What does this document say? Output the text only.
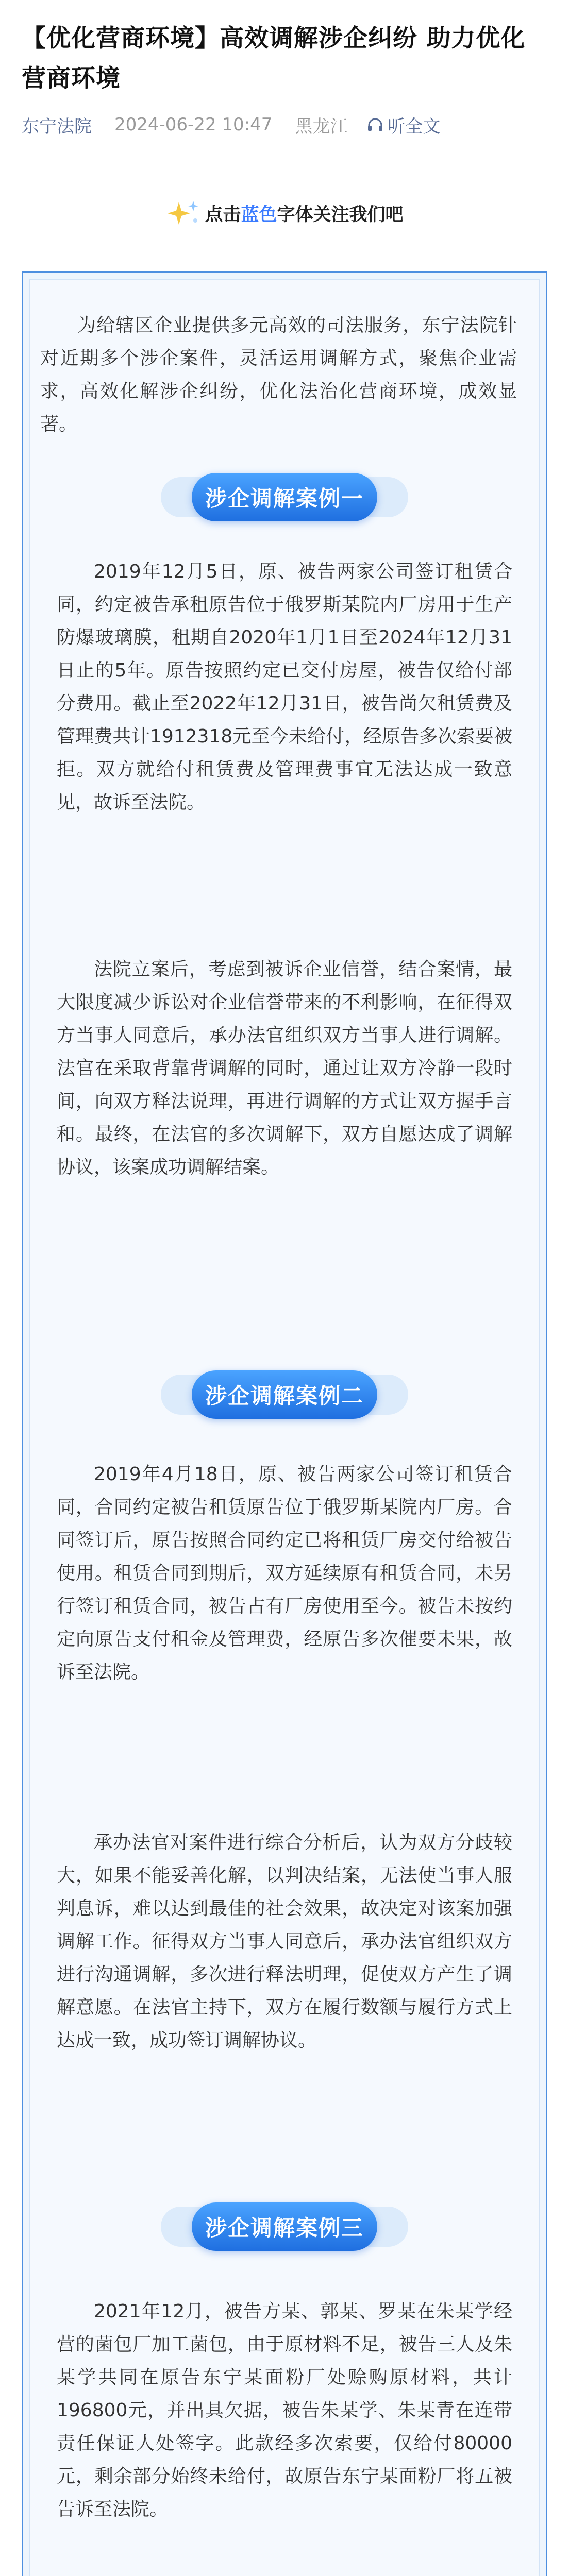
【优化营商环境】高效调解涉企纠纷 助力优化营商环境
东宁法院 2024-06-22 10:47 黑龙江 听全文
点击 蓝色 字体关注我们吧

为给辖区企业提供多元高效的司法服务，东宁法院针对近期多个涉企案件，灵活运用调解方式，聚焦企业需求，高效化解涉企纠纷，优化法治化营商环境，成效显著。

涉企调解案例一

2019年12月5日，原、被告两家公司签订租赁合同，约定被告承租原告位于俄罗斯某院内厂房用于生产防爆玻璃膜，租期自2020年1月1日至2024年12月31日止的5年。原告按照约定已交付房屋，被告仅给付部分费用。截止至2022年12月31日，被告尚欠租赁费及管理费共计1912318元至今未给付，经原告多次索要被拒。双方就给付租赁费及管理费事宜无法达成一致意见，故诉至法院。

法院立案后，考虑到被诉企业信誉，结合案情，最大限度减少诉讼对企业信誉带来的不利影响，在征得双方当事人同意后，承办法官组织双方当事人进行调解。法官在采取背靠背调解的同时，通过让双方冷静一段时间，向双方释法说理，再进行调解的方式让双方握手言和。最终，在法官的多次调解下，双方自愿达成了调解协议，该案成功调解结案。

涉企调解案例二

2019年4月18日，原、被告两家公司签订租赁合同，合同约定被告租赁原告位于俄罗斯某院内厂房。合同签订后，原告按照合同约定已将租赁厂房交付给被告使用。租赁合同到期后，双方延续原有租赁合同，未另行签订租赁合同，被告占有厂房使用至今。被告未按约定向原告支付租金及管理费，经原告多次催要未果，故诉至法院。

承办法官对案件进行综合分析后，认为双方分歧较大，如果不能妥善化解，以判决结案，无法使当事人服判息诉，难以达到最佳的社会效果，故决定对该案加强调解工作。征得双方当事人同意后，承办法官组织双方进行沟通调解，多次进行释法明理，促使双方产生了调解意愿。在法官主持下，双方在履行数额与履行方式上达成一致，成功签订调解协议。

涉企调解案例三

2021年12月，被告方某、郭某、罗某在朱某学经营的菌包厂加工菌包，由于原材料不足，被告三人及朱某学共同在原告东宁某面粉厂处赊购原材料，共计196800元，并出具欠据，被告朱某学、朱某青在连带责任保证人处签字。此款经多次索要，仅给付80000元，剩余部分始终未给付，故原告东宁某面粉厂将五被告诉至法院。
